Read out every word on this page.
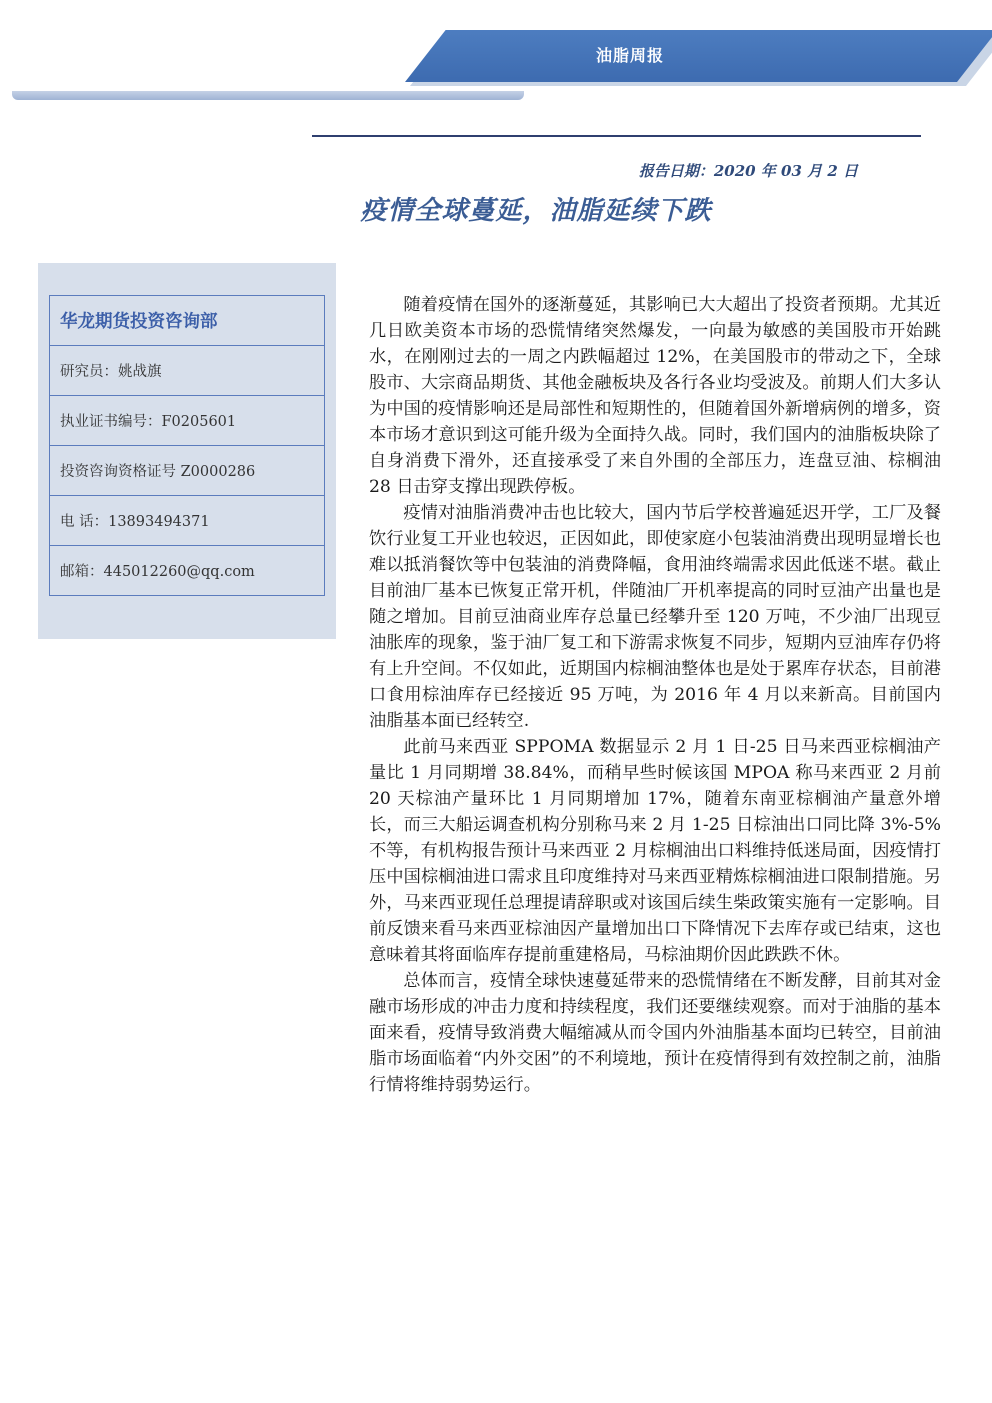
油脂周报
报告日期：2020 年 03 月 2 日
疫情全球蔓延，油脂延续下跌
华龙期货投资咨询部
研究员：姚战旗
执业证书编号：F0205601
投资咨询资格证号 Z0000286
电 话：13893494371
邮箱：445012260@qq.com

随着疫情在国外的逐渐蔓延，其影响已大大超出了投资者预期。尤其近几日欧美资本市场的恐慌情绪突然爆发，一向最为敏感的美国股市开始跳水，在刚刚过去的一周之内跌幅超过 12%，在美国股市的带动之下，全球股市、大宗商品期货、其他金融板块及各行各业均受波及。前期人们大多认为中国的疫情影响还是局部性和短期性的，但随着国外新增病例的增多，资本市场才意识到这可能升级为全面持久战。同时，我们国内的油脂板块除了自身消费下滑外，还直接承受了来自外围的全部压力，连盘豆油、棕榈油 28 日击穿支撑出现跌停板。

疫情对油脂消费冲击也比较大，国内节后学校普遍延迟开学，工厂及餐饮行业复工开业也较迟，正因如此，即使家庭小包装油消费出现明显增长也难以抵消餐饮等中包装油的消费降幅，食用油终端需求因此低迷不堪。截止目前油厂基本已恢复正常开机，伴随油厂开机率提高的同时豆油产出量也是随之增加。目前豆油商业库存总量已经攀升至 120 万吨，不少油厂出现豆油胀库的现象，鉴于油厂复工和下游需求恢复不同步，短期内豆油库存仍将有上升空间。不仅如此，近期国内棕榈油整体也是处于累库存状态，目前港口食用棕油库存已经接近 95 万吨，为 2016 年 4 月以来新高。目前国内油脂基本面已经转空.

此前马来西亚 SPPOMA 数据显示 2 月 1 日-25 日马来西亚棕榈油产量比 1 月同期增 38.84%，而稍早些时候该国 MPOA 称马来西亚 2 月前 20 天棕油产量环比 1 月同期增加 17%，随着东南亚棕榈油产量意外增长，而三大船运调查机构分别称马来 2 月 1-25 日棕油出口同比降 3%-5%不等，有机构报告预计马来西亚 2 月棕榈油出口料维持低迷局面，因疫情打压中国棕榈油进口需求且印度维持对马来西亚精炼棕榈油进口限制措施。另外，马来西亚现任总理提请辞职或对该国后续生柴政策实施有一定影响。目前反馈来看马来西亚棕油因产量增加出口下降情况下去库存或已结束，这也意味着其将面临库存提前重建格局，马棕油期价因此跌跌不休。

总体而言，疫情全球快速蔓延带来的恐慌情绪在不断发酵，目前其对金融市场形成的冲击力度和持续程度，我们还要继续观察。而对于油脂的基本面来看，疫情导致消费大幅缩减从而令国内外油脂基本面均已转空，目前油脂市场面临着“内外交困”的不利境地，预计在疫情得到有效控制之前，油脂行情将维持弱势运行。
